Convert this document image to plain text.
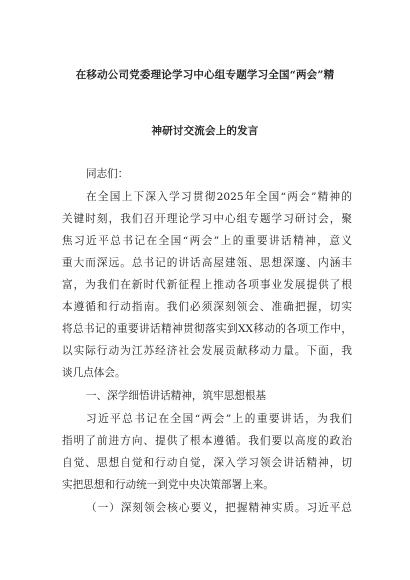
在移动公司党委理论学习中心组专题学习全国“两会”精
神研讨交流会上的发言
同志们：
在全国上下深入学习贯彻2025年全国“两会”精神的
关键时刻，我们召开理论学习中心组专题学习研讨会，聚
焦习近平总书记在全国“两会”上的重要讲话精神，意义
重大而深远。总书记的讲话高屋建瓴、思想深邃、内涵丰
富，为我们在新时代新征程上推动各项事业发展提供了根
本遵循和行动指南。我们必须深刻领会、准确把握，切实
将总书记的重要讲话精神贯彻落实到XX移动的各项工作中，
以实际行动为江苏经济社会发展贡献移动力量。下面，我
谈几点体会。
一、深学细悟讲话精神，筑牢思想根基
习近平总书记在全国“两会”上的重要讲话，为我们
指明了前进方向、提供了根本遵循。我们要以高度的政治
自觉、思想自觉和行动自觉，深入学习领会讲话精神，切
实把思想和行动统一到党中央决策部署上来。
（一）深刻领会核心要义，把握精神实质。习近平总
